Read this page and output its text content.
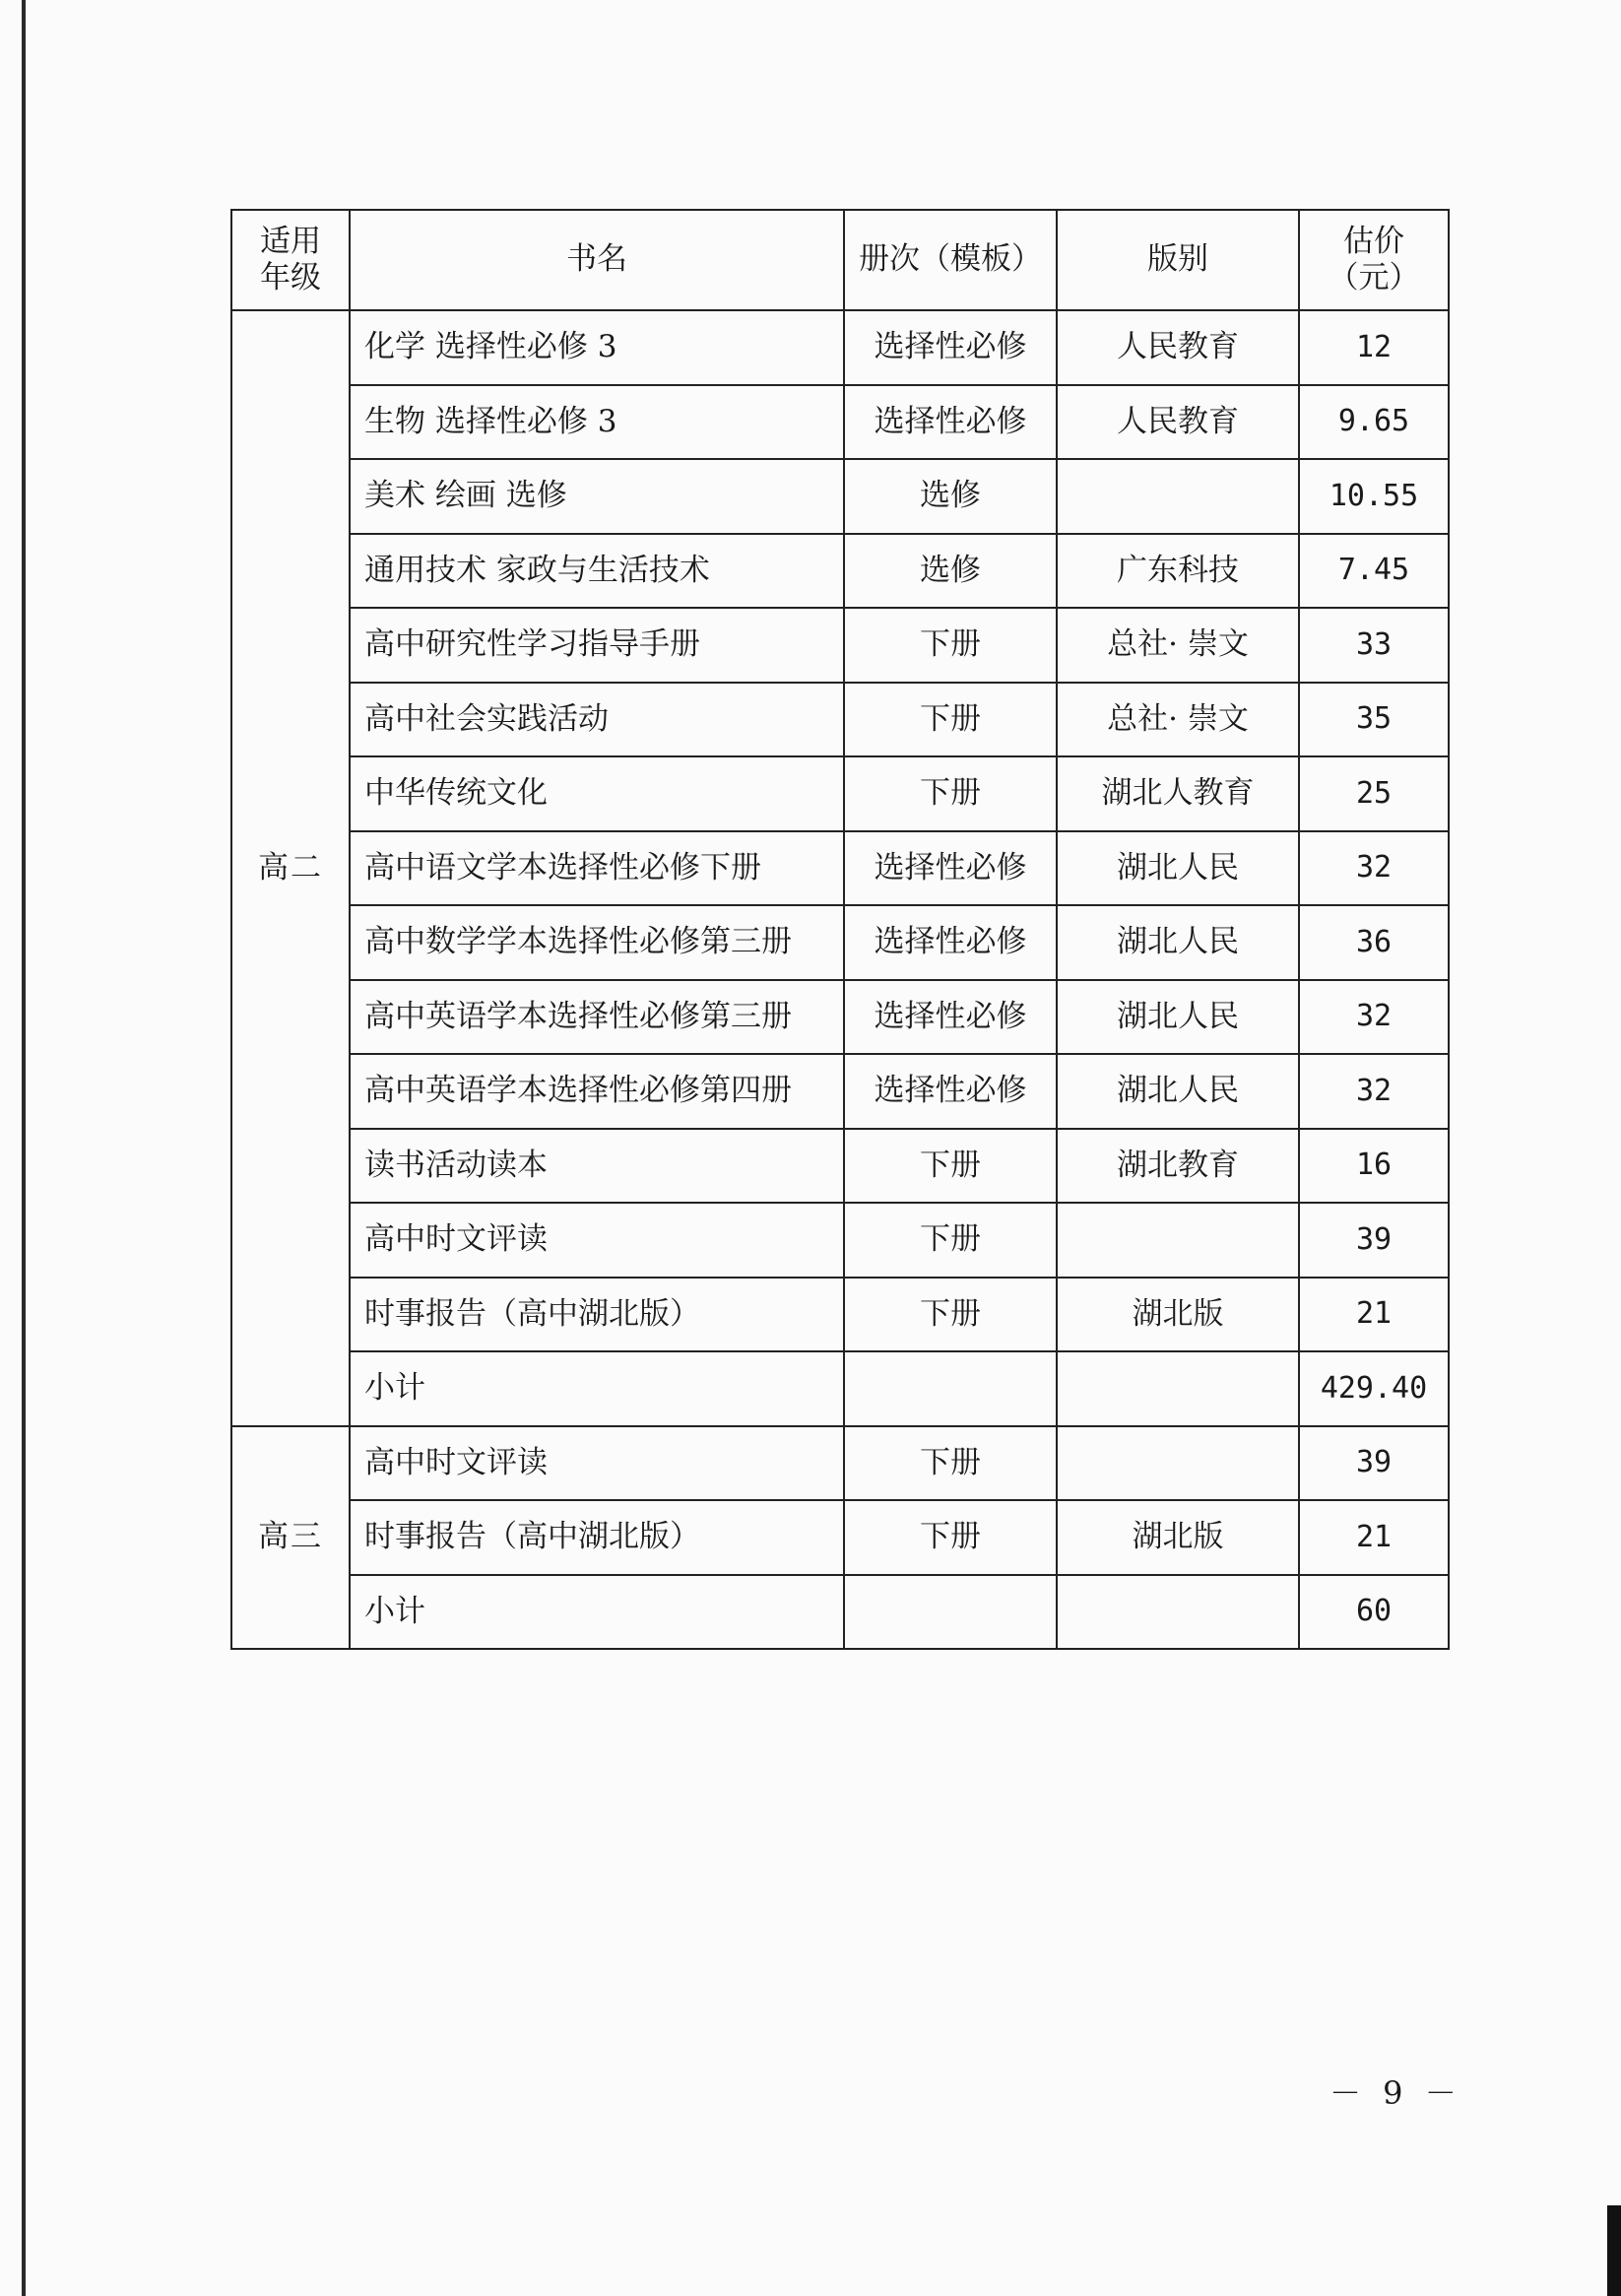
适用
年级	书名	册次（模板）	版别	估价
（元）
高二	化学 选择性必修 3	选择性必修	人民教育	12
	生物 选择性必修 3	选择性必修	人民教育	9.65
	美术 绘画 选修	选修		10.55
	通用技术 家政与生活技术	选修	广东科技	7.45
	高中研究性学习指导手册	下册	总社· 崇文	33
	高中社会实践活动	下册	总社· 崇文	35
	中华传统文化	下册	湖北人教育	25
	高中语文学本选择性必修下册	选择性必修	湖北人民	32
	高中数学学本选择性必修第三册	选择性必修	湖北人民	36
	高中英语学本选择性必修第三册	选择性必修	湖北人民	32
	高中英语学本选择性必修第四册	选择性必修	湖北人民	32
	读书活动读本	下册	湖北教育	16
	高中时文评读	下册		39
	时事报告（高中湖北版）	下册	湖北版	21
	小计			429.40
高三	高中时文评读	下册		39
	时事报告（高中湖北版）	下册	湖北版	21
	小计			60
－ 9 －
